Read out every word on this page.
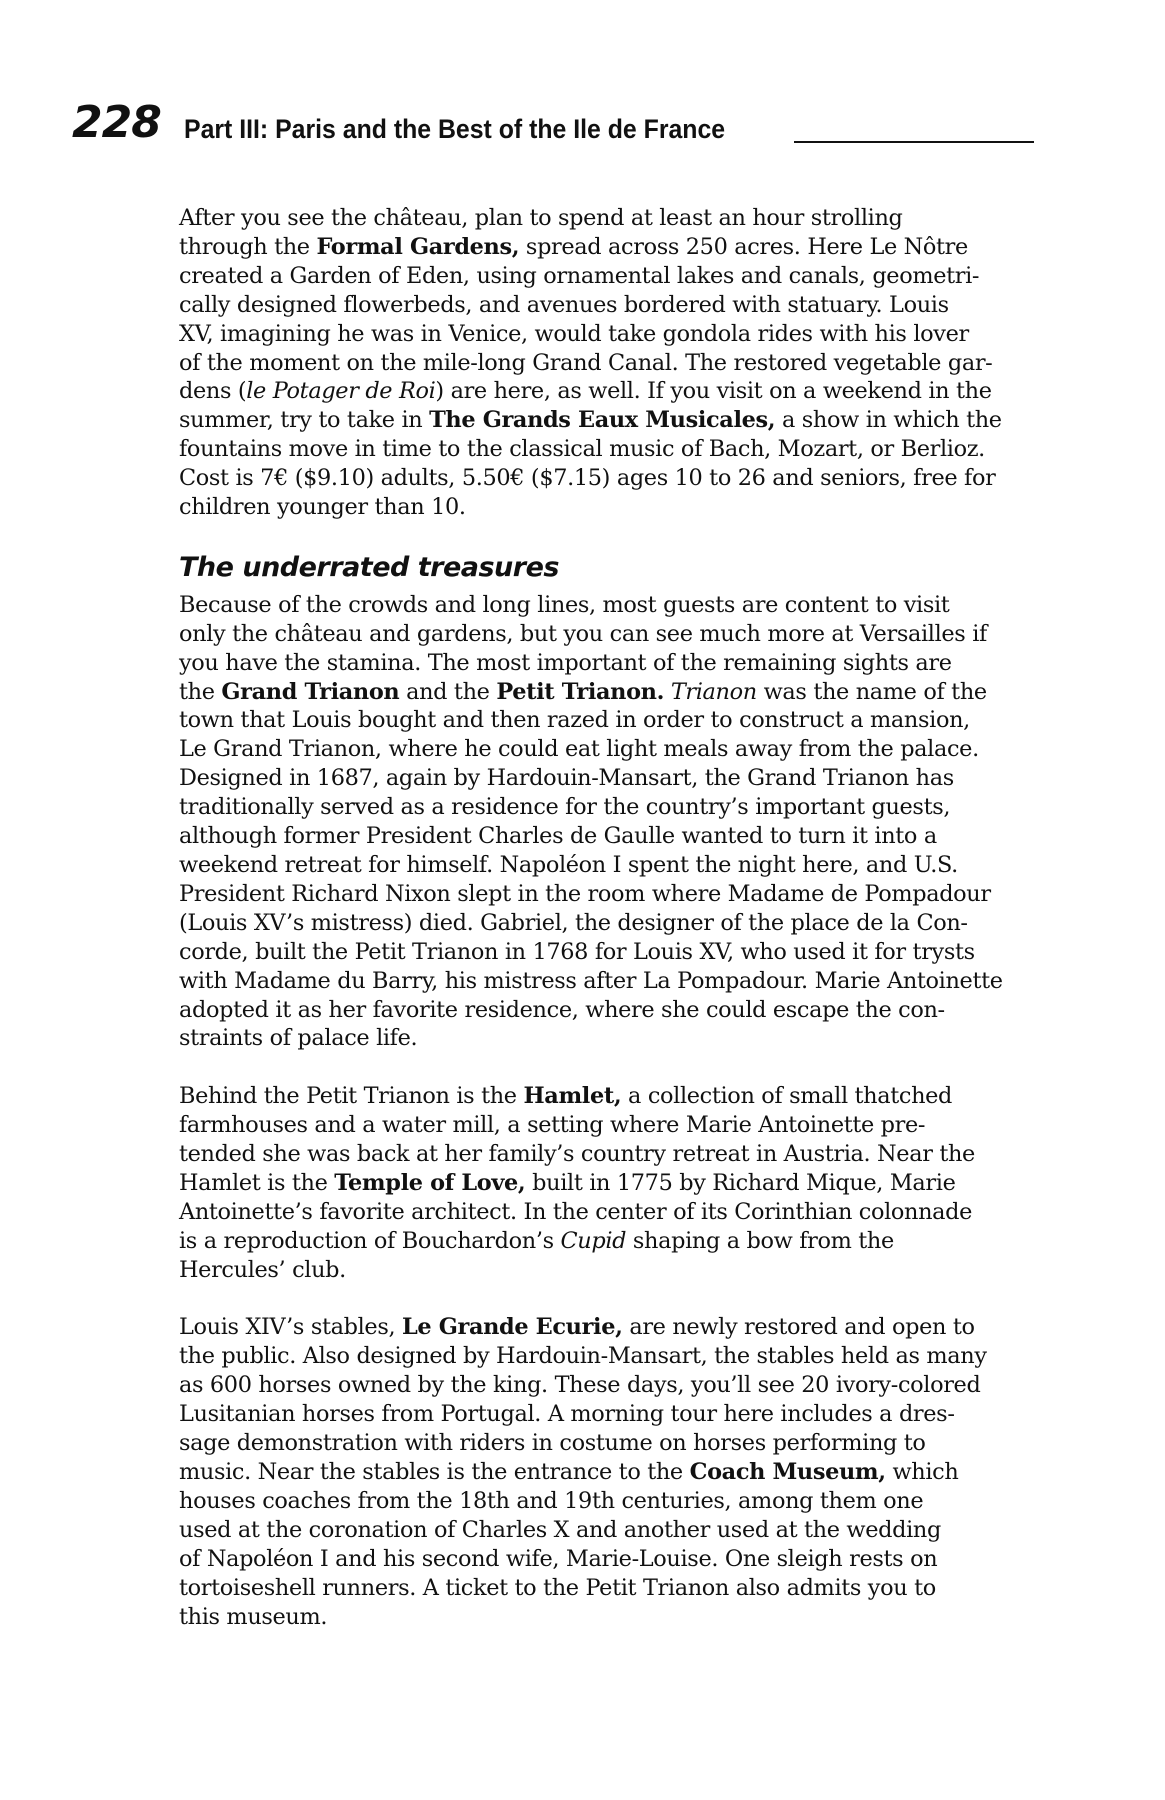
228 Part III: Paris and the Best of the Ile de France

After you see the château, plan to spend at least an hour strolling
through the Formal Gardens, spread across 250 acres. Here Le Nôtre
created a Garden of Eden, using ornamental lakes and canals, geometri-
cally designed flowerbeds, and avenues bordered with statuary. Louis
XV, imagining he was in Venice, would take gondola rides with his lover
of the moment on the mile-long Grand Canal. The restored vegetable gar-
dens (le Potager de Roi) are here, as well. If you visit on a weekend in the
summer, try to take in The Grands Eaux Musicales, a show in which the
fountains move in time to the classical music of Bach, Mozart, or Berlioz.
Cost is 7€ ($9.10) adults, 5.50€ ($7.15) ages 10 to 26 and seniors, free for
children younger than 10.

The underrated treasures

Because of the crowds and long lines, most guests are content to visit
only the château and gardens, but you can see much more at Versailles if
you have the stamina. The most important of the remaining sights are
the Grand Trianon and the Petit Trianon. Trianon was the name of the
town that Louis bought and then razed in order to construct a mansion,
Le Grand Trianon, where he could eat light meals away from the palace.
Designed in 1687, again by Hardouin-Mansart, the Grand Trianon has
traditionally served as a residence for the country’s important guests,
although former President Charles de Gaulle wanted to turn it into a
weekend retreat for himself. Napoléon I spent the night here, and U.S.
President Richard Nixon slept in the room where Madame de Pompadour
(Louis XV’s mistress) died. Gabriel, the designer of the place de la Con-
corde, built the Petit Trianon in 1768 for Louis XV, who used it for trysts
with Madame du Barry, his mistress after La Pompadour. Marie Antoinette
adopted it as her favorite residence, where she could escape the con-
straints of palace life.

Behind the Petit Trianon is the Hamlet, a collection of small thatched
farmhouses and a water mill, a setting where Marie Antoinette pre-
tended she was back at her family’s country retreat in Austria. Near the
Hamlet is the Temple of Love, built in 1775 by Richard Mique, Marie
Antoinette’s favorite architect. In the center of its Corinthian colonnade
is a reproduction of Bouchardon’s Cupid shaping a bow from the
Hercules’ club.

Louis XIV’s stables, Le Grande Ecurie, are newly restored and open to
the public. Also designed by Hardouin-Mansart, the stables held as many
as 600 horses owned by the king. These days, you’ll see 20 ivory-colored
Lusitanian horses from Portugal. A morning tour here includes a dres-
sage demonstration with riders in costume on horses performing to
music. Near the stables is the entrance to the Coach Museum, which
houses coaches from the 18th and 19th centuries, among them one
used at the coronation of Charles X and another used at the wedding
of Napoléon I and his second wife, Marie-Louise. One sleigh rests on
tortoiseshell runners. A ticket to the Petit Trianon also admits you to
this museum.
